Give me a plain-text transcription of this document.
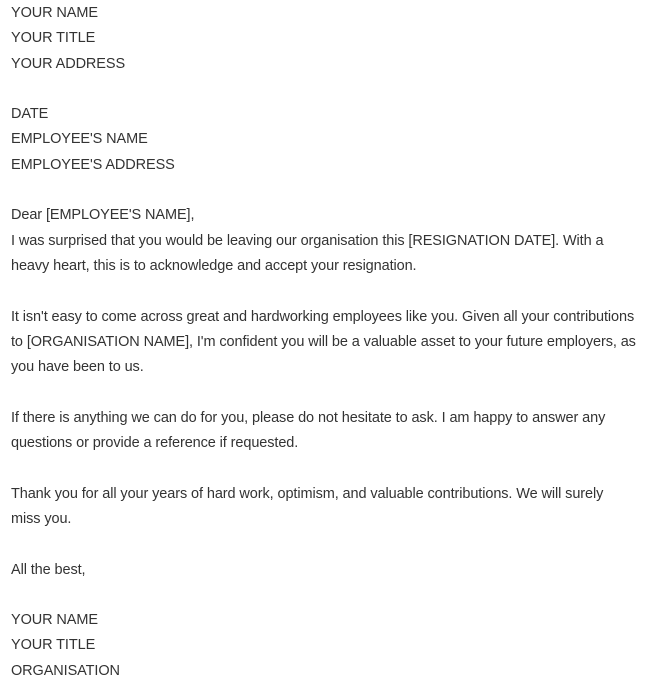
YOUR NAME
YOUR TITLE
YOUR ADDRESS
DATE
EMPLOYEE'S NAME
EMPLOYEE'S ADDRESS
Dear [EMPLOYEE'S NAME],
I was surprised that you would be leaving our organisation this [RESIGNATION DATE]. With a heavy heart, this is to acknowledge and accept your resignation.
It isn't easy to come across great and hardworking employees like you. Given all your contributions to [ORGANISATION NAME], I'm confident you will be a valuable asset to your future employers, as you have been to us.
If there is anything we can do for you, please do not hesitate to ask. I am happy to answer any questions or provide a reference if requested.
Thank you for all your years of hard work, optimism, and valuable contributions. We will surely miss you.
All the best,
YOUR NAME
YOUR TITLE
ORGANISATION
